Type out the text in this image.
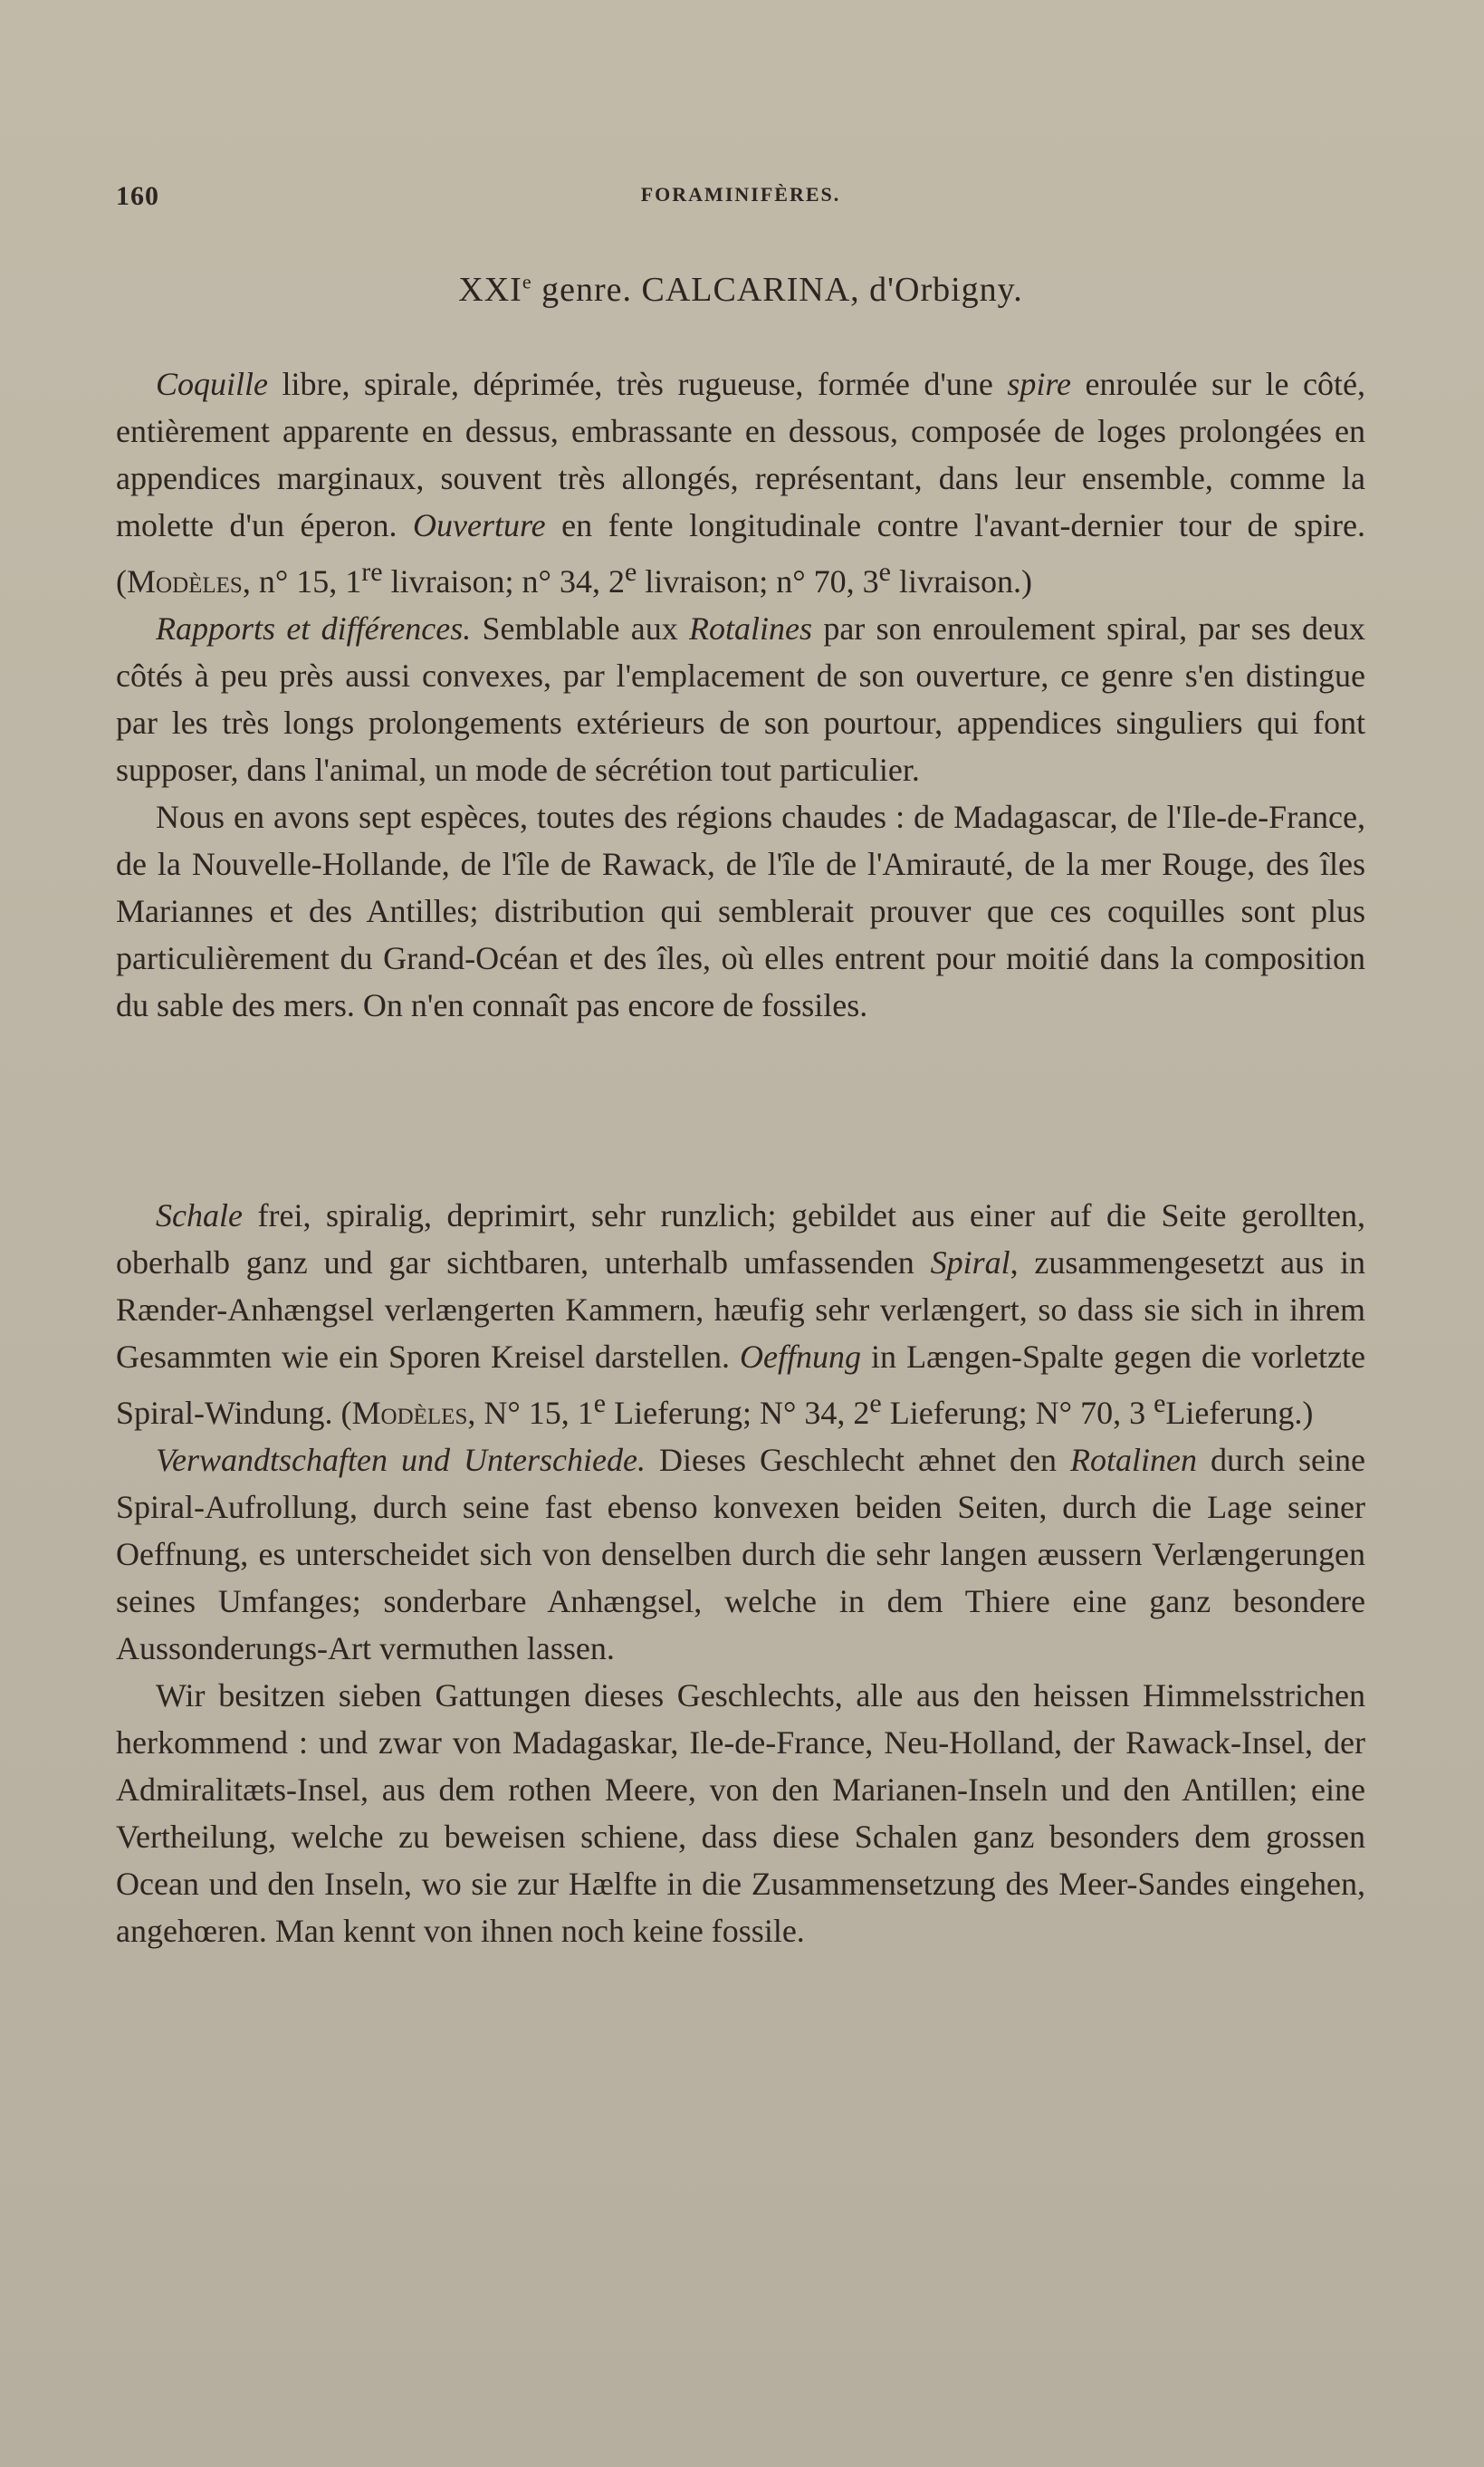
160	FORAMINIFÈRES.
XXIe genre. CALCARINA, d'Orbigny.

Coquille libre, spirale, déprimée, très rugueuse, formée d'une spire enroulée sur le côté, entièrement apparente en dessus, embrassante en dessous, composée de loges prolongées en appendices marginaux, souvent très allongés, représentant, dans leur ensemble, comme la molette d'un éperon. Ouverture en fente longitudinale contre l'avant-dernier tour de spire. (Modèles, n° 15, 1re livraison; n° 34, 2e livraison; n° 70, 3e livraison.)

Rapports et différences. Semblable aux Rotalines par son enroulement spiral, par ses deux côtés à peu près aussi convexes, par l'emplacement de son ouverture, ce genre s'en distingue par les très longs prolongements extérieurs de son pourtour, appendices singuliers qui font supposer, dans l'animal, un mode de sécrétion tout particulier.

Nous en avons sept espèces, toutes des régions chaudes : de Madagascar, de l'Ile-de-France, de la Nouvelle-Hollande, de l'île de Rawack, de l'île de l'Amirauté, de la mer Rouge, des îles Mariannes et des Antilles; distribution qui semblerait prouver que ces coquilles sont plus particulièrement du Grand-Océan et des îles, où elles entrent pour moitié dans la composition du sable des mers. On n'en connaît pas encore de fossiles.

Schale frei, spiralig, deprimirt, sehr runzlich; gebildet aus einer auf die Seite gerollten, oberhalb ganz und gar sichtbaren, unterhalb umfassenden Spiral, zusammengesetzt aus in Rænder-Anhængsel verlængerten Kammern, hæufig sehr verlængert, so dass sie sich in ihrem Gesammten wie ein Sporen Kreisel darstellen. Oeffnung in Længen-Spalte gegen die vorletzte Spiral-Windung. (Modèles, N° 15, 1e Lieferung; N° 34, 2e Lieferung; N° 70, 3 $^e$Lieferung.)

Verwandtschaften und Unterschiede. Dieses Geschlecht æhnet den Rotalinen durch seine Spiral-Aufrollung, durch seine fast ebenso konvexen beiden Seiten, durch die Lage seiner Oeffnung, es unterscheidet sich von denselben durch die sehr langen æussern Verlængerungen seines Umfanges; sonderbare Anhængsel, welche in dem Thiere eine ganz besondere Aussonderungs-Art vermuthen lassen.

Wir besitzen sieben Gattungen dieses Geschlechts, alle aus den heissen Himmelsstrichen herkommend : und zwar von Madagaskar, Ile-de-France, Neu-Holland, der Rawack-Insel, der Admiralitæts-Insel, aus dem rothen Meere, von den Marianen-Inseln und den Antillen; eine Vertheilung, welche zu beweisen schiene, dass diese Schalen ganz besonders dem grossen Ocean und den Inseln, wo sie zur Hælfte in die Zusammensetzung des Meer-Sandes eingehen, angehœren. Man kennt von ihnen noch keine fossile.
